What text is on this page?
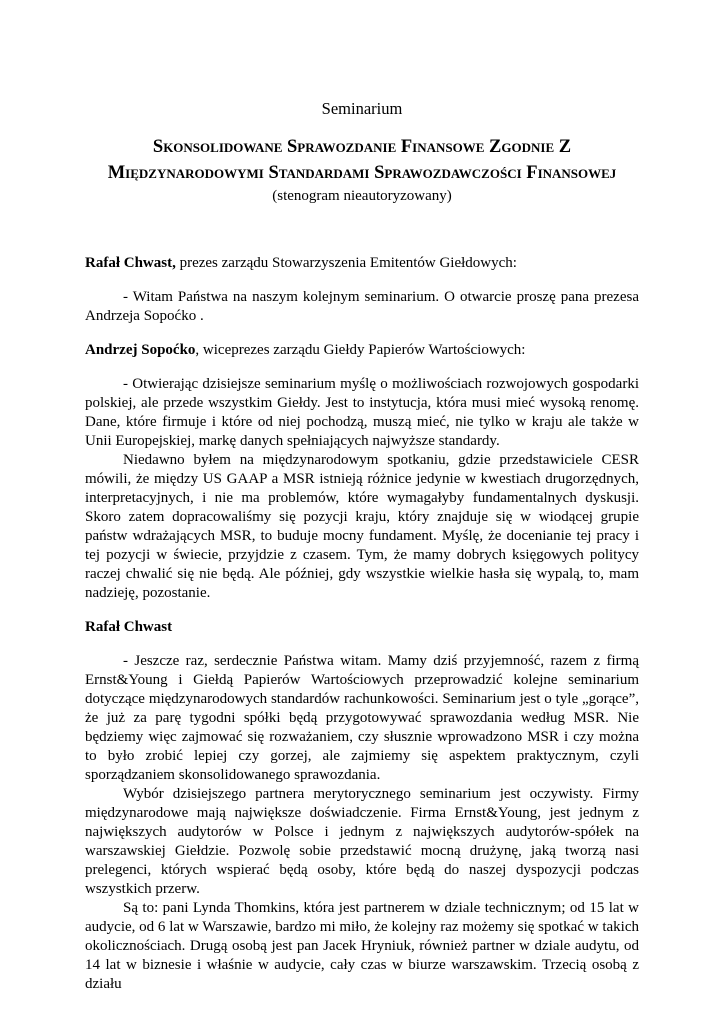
Seminarium

Skonsolidowane Sprawozdanie Finansowe Zgodnie Z Międzynarodowymi Standardami Sprawozdawczości Finansowej

(stenogram nieautoryzowany)

Rafał Chwast, prezes zarządu Stowarzyszenia Emitentów Giełdowych:

- Witam Państwa na naszym kolejnym seminarium. O otwarcie proszę pana prezesa Andrzeja Sopoćko .

Andrzej Sopoćko, wiceprezes zarządu Giełdy Papierów Wartościowych:

- Otwierając dzisiejsze seminarium myślę o możliwościach rozwojowych gospodarki polskiej, ale przede wszystkim Giełdy. Jest to instytucja, która musi mieć wysoką renomę. Dane, które firmuje i które od niej pochodzą, muszą mieć, nie tylko w kraju ale także w Unii Europejskiej, markę danych spełniających najwyższe standardy.

Niedawno byłem na międzynarodowym spotkaniu, gdzie przedstawiciele CESR mówili, że między US GAAP a MSR istnieją różnice jedynie w kwestiach drugorzędnych, interpretacyjnych, i nie ma problemów, które wymagałyby fundamentalnych dyskusji. Skoro zatem dopracowaliśmy się pozycji kraju, który znajduje się w wiodącej grupie państw wdrażających MSR, to buduje mocny fundament. Myślę, że docenianie tej pracy i tej pozycji w świecie, przyjdzie z czasem. Tym, że mamy dobrych księgowych politycy raczej chwalić się nie będą. Ale później, gdy wszystkie wielkie hasła się wypalą, to, mam nadzieję, pozostanie.

Rafał Chwast

- Jeszcze raz, serdecznie Państwa witam. Mamy dziś przyjemność, razem z firmą Ernst&Young i Giełdą Papierów Wartościowych przeprowadzić kolejne seminarium dotyczące międzynarodowych standardów rachunkowości. Seminarium jest o tyle „gorące”, że już za parę tygodni spółki będą przygotowywać sprawozdania według MSR. Nie będziemy więc zajmować się rozważaniem, czy słusznie wprowadzono MSR i czy można to było zrobić lepiej czy gorzej, ale zajmiemy się aspektem praktycznym, czyli sporządzaniem skonsolidowanego sprawozdania.

Wybór dzisiejszego partnera merytorycznego seminarium jest oczywisty. Firmy międzynarodowe mają największe doświadczenie. Firma Ernst&Young, jest jednym z największych audytorów w Polsce i jednym z największych audytorów-spółek na warszawskiej Giełdzie. Pozwolę sobie przedstawić mocną drużynę, jaką tworzą nasi prelegenci, których wspierać będą osoby, które będą do naszej dyspozycji podczas wszystkich przerw.

Są to: pani Lynda Thomkins, która jest partnerem w dziale technicznym; od 15 lat w audycie, od 6 lat w Warszawie, bardzo mi miło, że kolejny raz możemy się spotkać w takich okolicznościach. Drugą osobą jest pan Jacek Hryniuk, również partner w dziale audytu, od 14 lat w biznesie i właśnie w audycie, cały czas w biurze warszawskim. Trzecią osobą z działu
